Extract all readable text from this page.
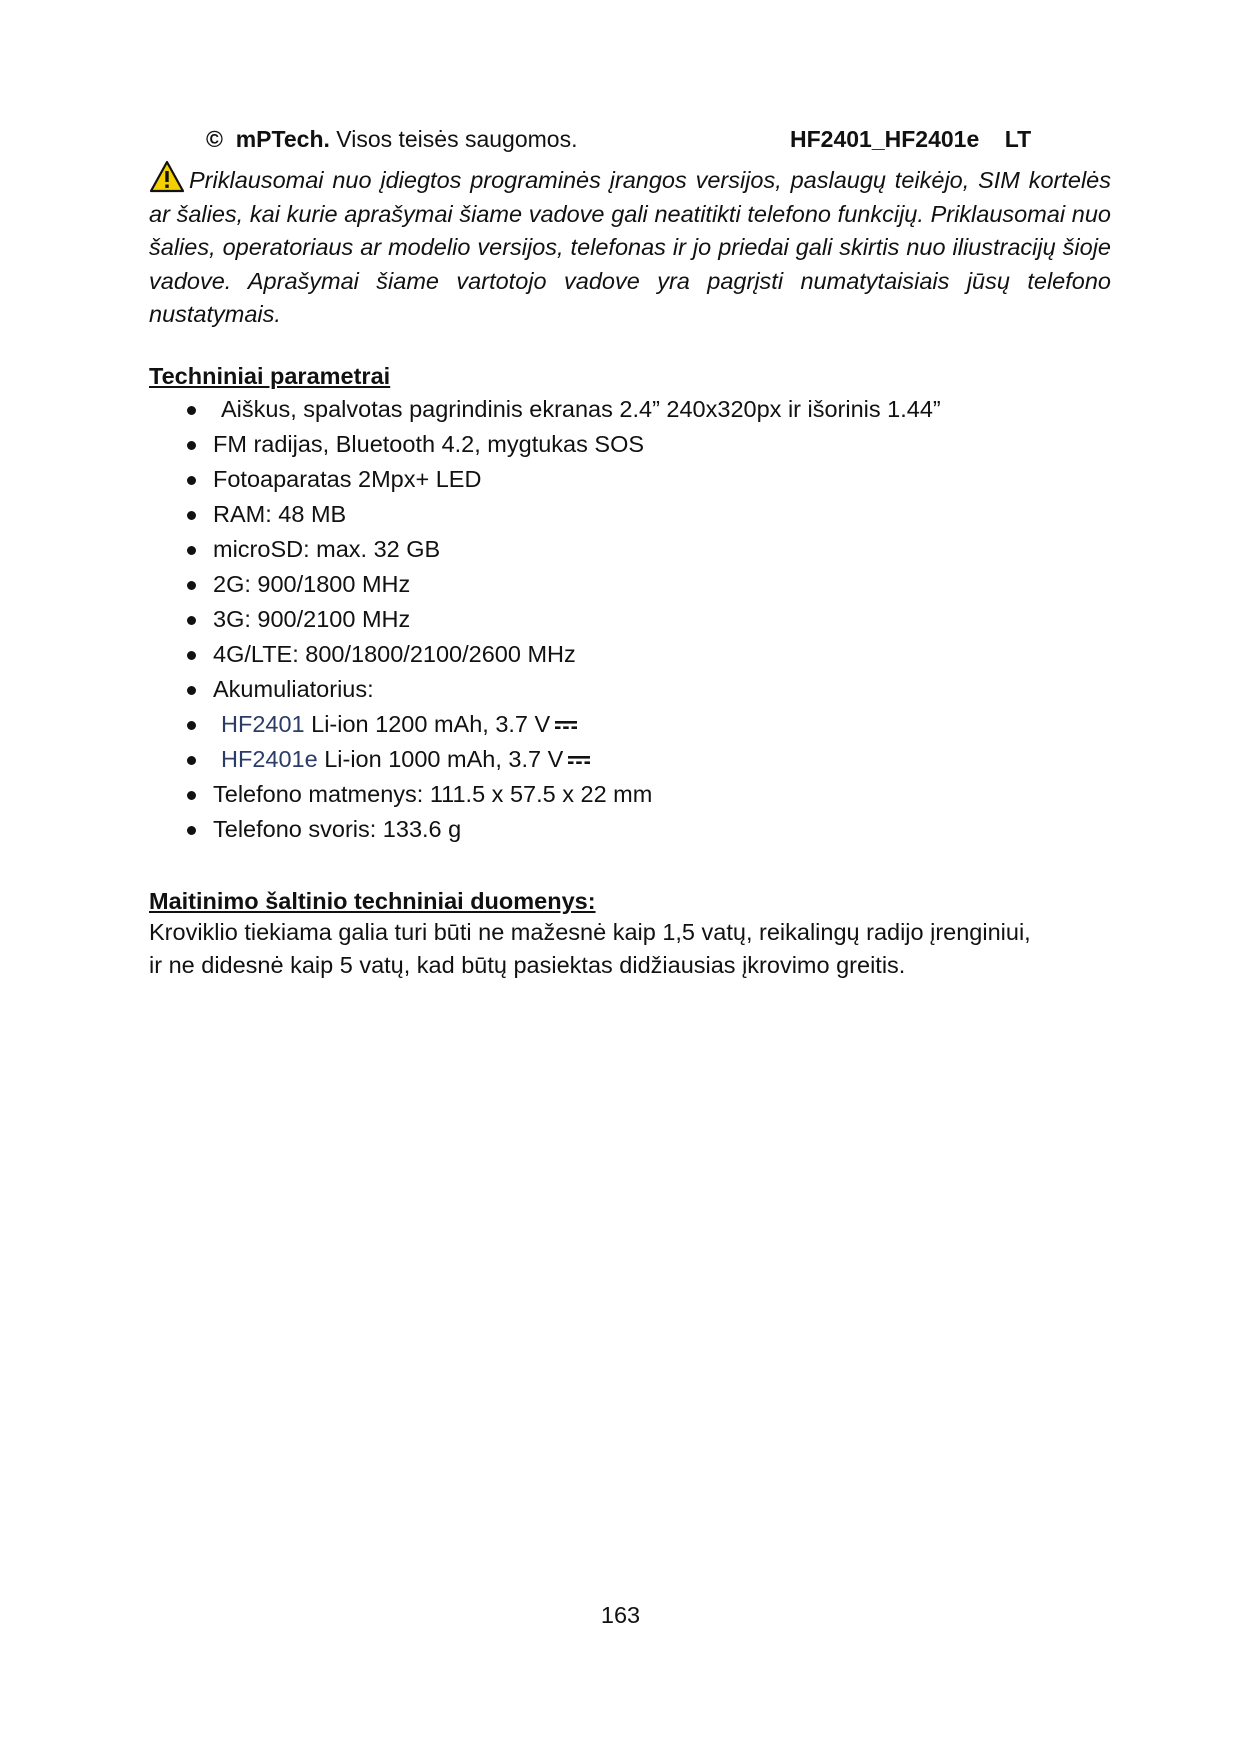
© mPTech. Visos teisės saugomos.	HF2401_HF2401e LT
Priklausomai nuo įdiegtos programinės įrangos versijos, paslaugų teikėjo, SIM kortelės ar šalies, kai kurie aprašymai šiame vadove gali neatitikti telefono funkcijų. Priklausomai nuo šalies, operatoriaus ar modelio versijos, telefonas ir jo priedai gali skirtis nuo iliustracijų šioje vadove. Aprašymai šiame vartotojo vadove yra pagrįsti numatytaisiais jūsų telefono nustatymais.
Techniniai parametrai
Aiškus, spalvotas pagrindinis ekranas 2.4” 240x320px ir išorinis 1.44”
FM radijas, Bluetooth 4.2, mygtukas SOS
Fotoaparatas 2Mpx+ LED
RAM: 48 MB
microSD: max. 32 GB
2G: 900/1800 MHz
3G: 900/2100 MHz
4G/LTE: 800/1800/2100/2600 MHz
Akumuliatorius:
HF2401 Li-ion 1200 mAh, 3.7 V
HF2401e Li-ion 1000 mAh, 3.7 V
Telefono matmenys: 111.5 x 57.5 x 22 mm
Telefono svoris: 133.6 g
Maitinimo šaltinio techniniai duomenys:
Kroviklio tiekiama galia turi būti ne mažesnė kaip 1,5 vatų, reikalingų radijo įrenginiui,
ir ne didesnė kaip 5 vatų, kad būtų pasiektas didžiausias įkrovimo greitis.
163
